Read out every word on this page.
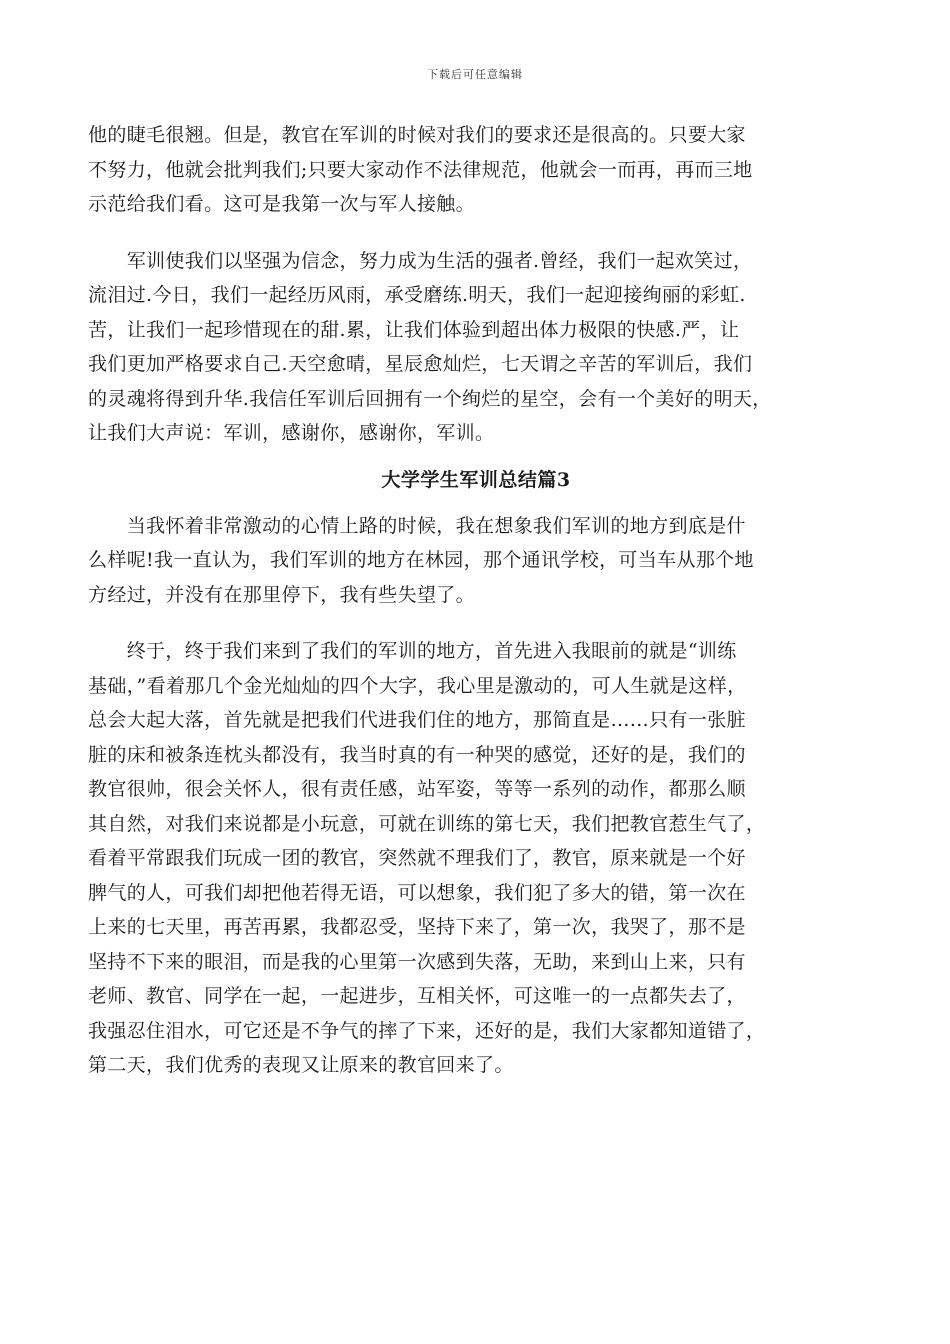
下载后可任意编辑

他的睫毛很翘。但是，教官在军训的时候对我们的要求还是很高的。只要大家
不努力，他就会批判我们;只要大家动作不法律规范，他就会一而再，再而三地
示范给我们看。这可是我第一次与军人接触。

　　军训使我们以坚强为信念，努力成为生活的强者.曾经，我们一起欢笑过，
流泪过.今日，我们一起经历风雨，承受磨练.明天，我们一起迎接绚丽的彩虹.
苦，让我们一起珍惜现在的甜.累，让我们体验到超出体力极限的快感.严，让
我们更加严格要求自己.天空愈晴，星辰愈灿烂，七天谓之辛苦的军训后，我们
的灵魂将得到升华.我信任军训后回拥有一个绚烂的星空，会有一个美好的明天，
让我们大声说：军训，感谢你，感谢你，军训。

大学学生军训总结篇3

　　当我怀着非常激动的心情上路的时候，我在想象我们军训的地方到底是什
么样呢!我一直认为，我们军训的地方在林园，那个通讯学校，可当车从那个地
方经过，并没有在那里停下，我有些失望了。

　　终于，终于我们来到了我们的军训的地方，首先进入我眼前的就是“训练
基础，”看着那几个金光灿灿的四个大字，我心里是激动的，可人生就是这样，
总会大起大落，首先就是把我们代进我们住的地方，那简直是……只有一张脏
脏的床和被条连枕头都没有，我当时真的有一种哭的感觉，还好的是，我们的
教官很帅，很会关怀人，很有责任感，站军姿，等等一系列的动作，都那么顺
其自然，对我们来说都是小玩意，可就在训练的第七天，我们把教官惹生气了，
看着平常跟我们玩成一团的教官，突然就不理我们了，教官，原来就是一个好
脾气的人，可我们却把他若得无语，可以想象，我们犯了多大的错，第一次在
上来的七天里，再苦再累，我都忍受，坚持下来了，第一次，我哭了，那不是
坚持不下来的眼泪，而是我的心里第一次感到失落，无助，来到山上来，只有
老师、教官、同学在一起，一起进步，互相关怀，可这唯一的一点都失去了，
我强忍住泪水，可它还是不争气的摔了下来，还好的是，我们大家都知道错了，
第二天，我们优秀的表现又让原来的教官回来了。
